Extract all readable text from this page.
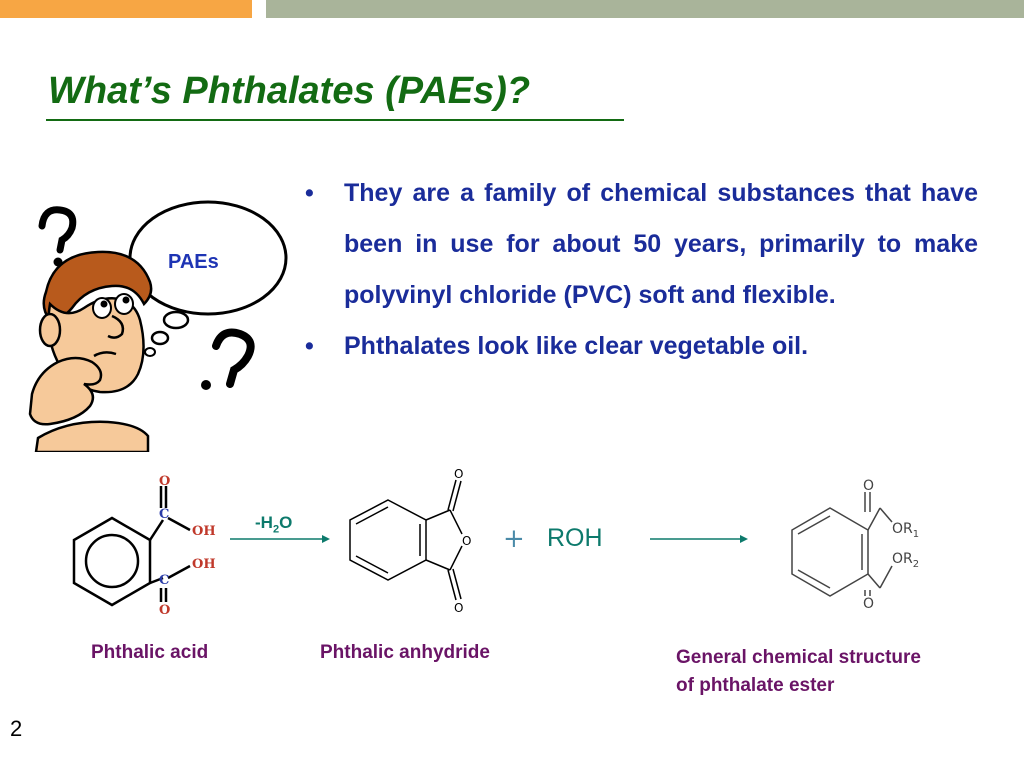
What’s Phthalates (PAEs)?
PAEs
• They are a family of chemical substances that have been in use for about 50 years, primarily to make polyvinyl chloride (PVC) soft and flexible.
• Phthalates look like clear vegetable oil.
O
C
OH
OH
C
O
O
O
O
O
$OR_1$
$OR_2$
O
$-H_2O$
+ ROH
Phthalic acid	Phthalic anhydride	General chemical structure
of phthalate ester
2
